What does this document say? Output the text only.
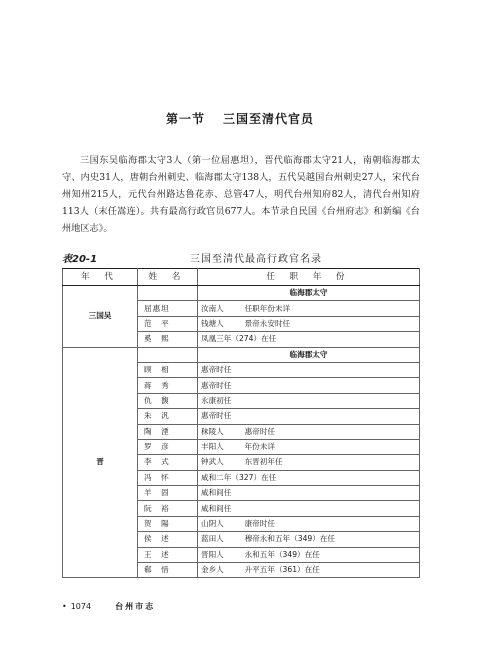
第一节 三国至清代官员

三国东吴临海郡太守3人（第一位屈惠坦），晋代临海郡太守21人，南朝临海郡太守、内史31人，唐朝台州刺史、临海郡太守138人，五代吴越国台州刺史27人，宋代台州知州215人，元代台州路达鲁花赤、总管47人，明代台州知府82人，清代台州知府113人（末任嵩连）。共有最高行政官员677人。本节录自民国《台州府志》和新编《台州地区志》。

表20-1	三国至清代最高行政官名录
年 代	姓 名	任 职 年 份
三国吴		临海郡太守
	屈惠坦	汝南人  任职年份未详
	范　平	钱塘人  景帝永安时任
	奚　熙	凤凰三年（274）在任
晋		临海郡太守
	顾　相	惠帝时任
	蒋　秀	惠帝时任
	仇　馥	永康初任
	朱　汎	惠帝时任
	陶　湮	秣陵人  惠帝时任
	罗　彦	丰阳人  年份未详
	李　式	钟武人  东晋初年任
	冯　怀	咸和二年（327）在任
	羊　固	咸和间任
	阮　裕	咸和间任
	贺　陽	山阴人  康帝时任
	侯　述	蓝田人  穆帝永和五年（349）在任
	王　述	晋阳人  永和五年（349）在任
	郗　愔	金乡人  升平五年（361）在任
• 1074	台州市志
